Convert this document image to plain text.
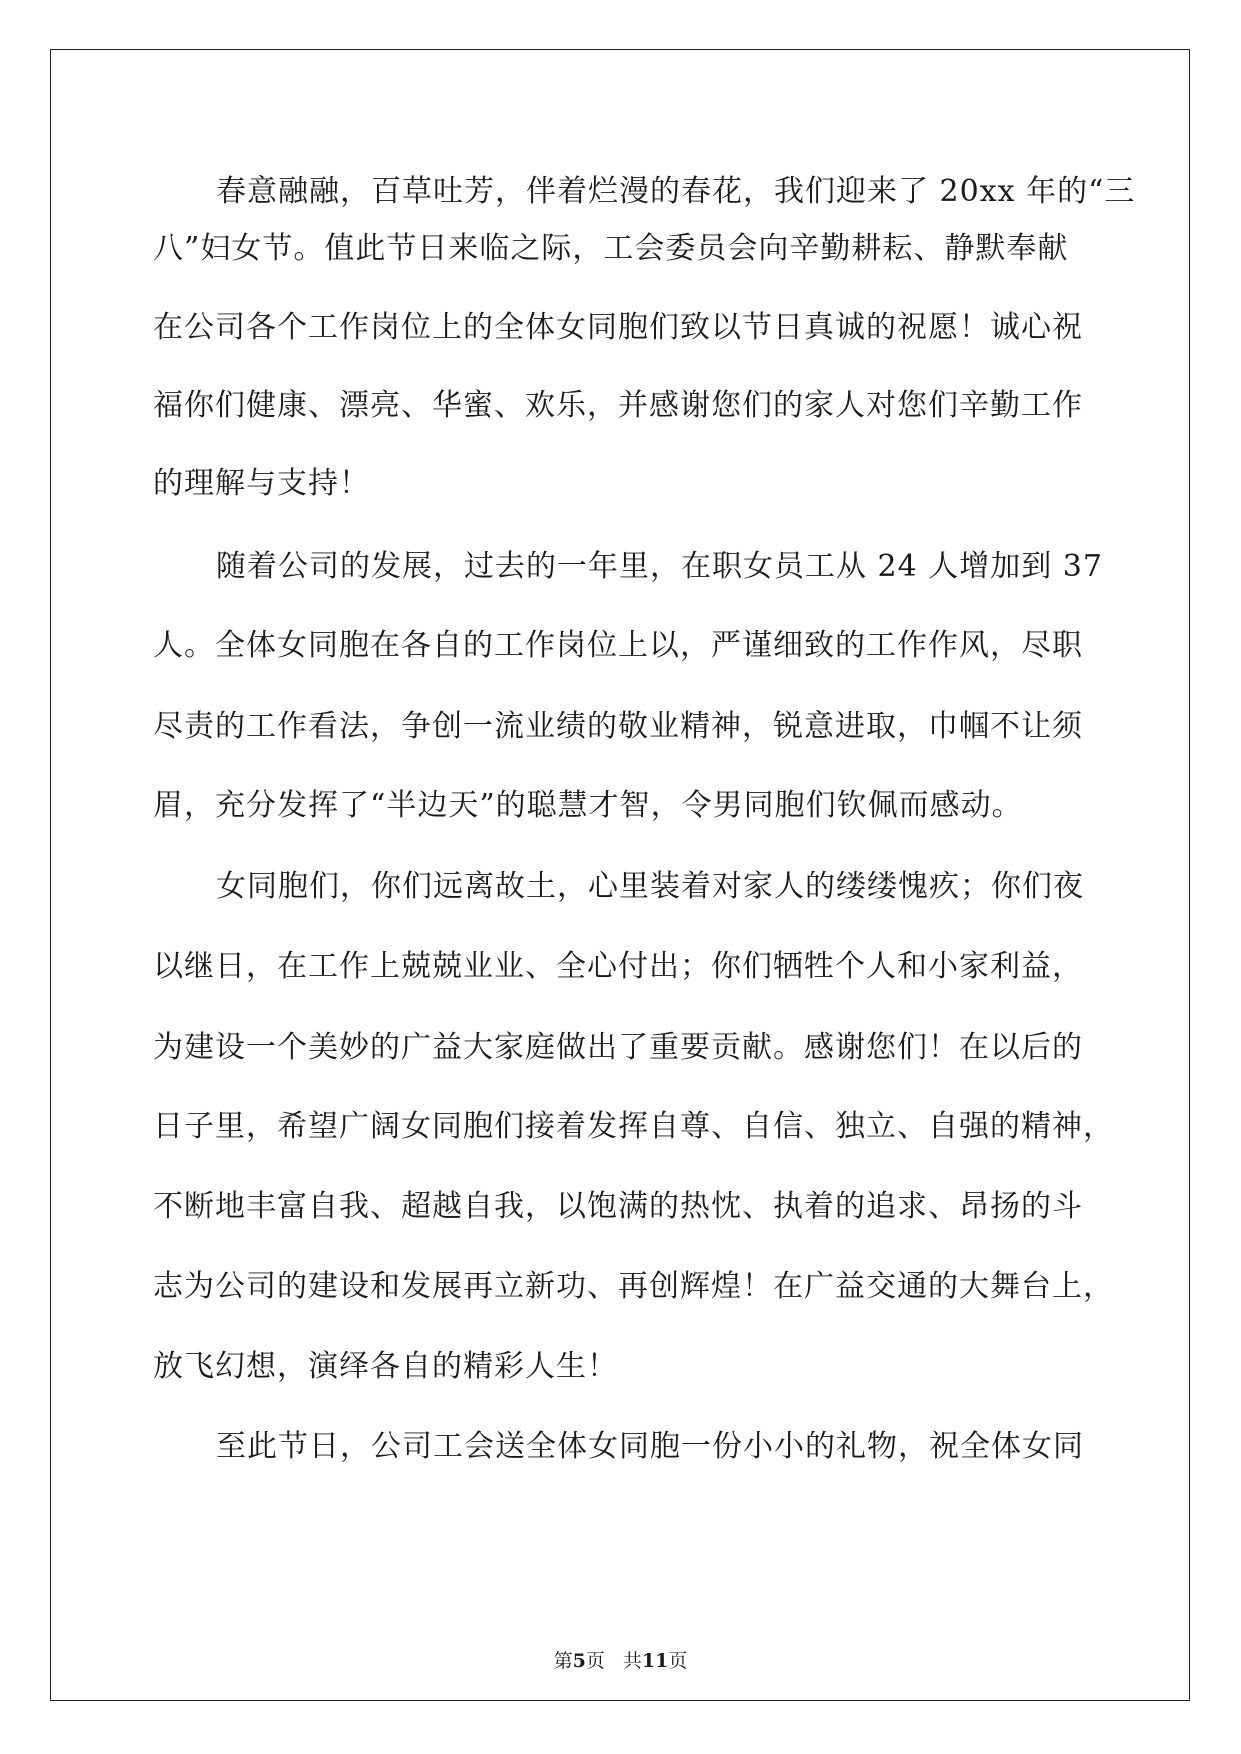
春意融融，百草吐芳，伴着烂漫的春花，我们迎来了 20xx 年的“三
八”妇女节。值此节日来临之际，工会委员会向辛勤耕耘、静默奉献
在公司各个工作岗位上的全体女同胞们致以节日真诚的祝愿！诚心祝
福你们健康、漂亮、华蜜、欢乐，并感谢您们的家人对您们辛勤工作
的理解与支持！
随着公司的发展，过去的一年里，在职女员工从 24 人增加到 37
人。全体女同胞在各自的工作岗位上以，严谨细致的工作作风，尽职
尽责的工作看法，争创一流业绩的敬业精神，锐意进取，巾帼不让须
眉，充分发挥了“半边天”的聪慧才智，令男同胞们钦佩而感动。
女同胞们，你们远离故土，心里装着对家人的缕缕愧疚；你们夜
以继日，在工作上兢兢业业、全心付出；你们牺牲个人和小家利益，
为建设一个美妙的广益大家庭做出了重要贡献。感谢您们！在以后的
日子里，希望广阔女同胞们接着发挥自尊、自信、独立、自强的精神，
不断地丰富自我、超越自我，以饱满的热忱、执着的追求、昂扬的斗
志为公司的建设和发展再立新功、再创辉煌！在广益交通的大舞台上，
放飞幻想，演绎各自的精彩人生！
至此节日，公司工会送全体女同胞一份小小的礼物，祝全体女同
第5页 共11页
